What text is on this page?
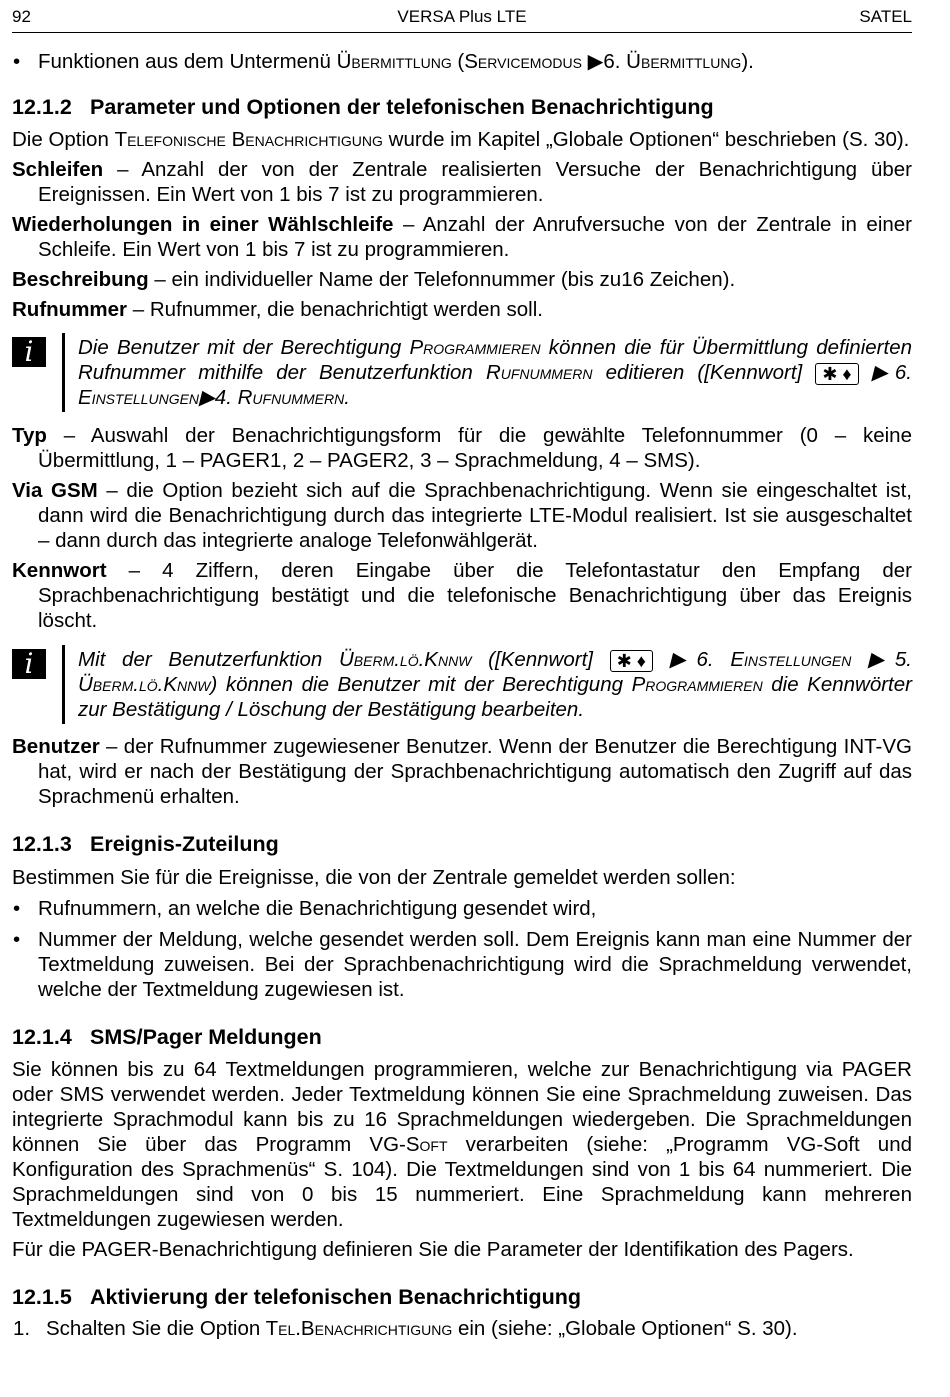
92	VERSA Plus LTE	SATEL

• Funktionen aus dem Untermenü Übermittlung (Servicemodus ▶6. Übermittlung).

12.1.2 Parameter und Optionen der telefonischen Benachrichtigung

Die Option Telefonische Benachrichtigung wurde im Kapitel „Globale Optionen“ beschrieben (S. 30).

Schleifen – Anzahl der von der Zentrale realisierten Versuche der Benachrichtigung über Ereignissen. Ein Wert von 1 bis 7 ist zu programmieren.

Wiederholungen in einer Wählschleife – Anzahl der Anrufversuche von der Zentrale in einer Schleife. Ein Wert von 1 bis 7 ist zu programmieren.

Beschreibung – ein individueller Name der Telefonnummer (bis zu16 Zeichen).

Rufnummer – Rufnummer, die benachrichtigt werden soll.

i	Die Benutzer mit der Berechtigung Programmieren können die für Übermittlung definierten Rufnummer mithilfe der Benutzerfunktion Rufnummern editieren ([Kennwort] ✱ ♦ ▶6. Einstellungen▶4. Rufnummern.

Typ – Auswahl der Benachrichtigungsform für die gewählte Telefonnummer (0 – keine Übermittlung, 1 – PAGER1, 2 – PAGER2, 3 – Sprachmeldung, 4 – SMS).

Via GSM – die Option bezieht sich auf die Sprachbenachrichtigung. Wenn sie eingeschaltet ist, dann wird die Benachrichtigung durch das integrierte LTE-Modul realisiert. Ist sie ausgeschaltet – dann durch das integrierte analoge Telefonwählgerät.

Kennwort – 4 Ziffern, deren Eingabe über die Telefontastatur den Empfang der Sprachbenachrichtigung bestätigt und die telefonische Benachrichtigung über das Ereignis löscht.

i	Mit der Benutzerfunktion Überm.lö.Knnw ([Kennwort] ✱ ♦ ▶6. Einstellungen ▶5. Überm.lö.Knnw) können die Benutzer mit der Berechtigung Programmieren die Kennwörter zur Bestätigung / Löschung der Bestätigung bearbeiten.

Benutzer – der Rufnummer zugewiesener Benutzer. Wenn der Benutzer die Berechtigung INT-VG hat, wird er nach der Bestätigung der Sprachbenachrichtigung automatisch den Zugriff auf das Sprachmenü erhalten.

12.1.3 Ereignis-Zuteilung

Bestimmen Sie für die Ereignisse, die von der Zentrale gemeldet werden sollen:

• Rufnummern, an welche die Benachrichtigung gesendet wird,

• Nummer der Meldung, welche gesendet werden soll. Dem Ereignis kann man eine Nummer der Textmeldung zuweisen. Bei der Sprachbenachrichtigung wird die Sprachmeldung verwendet, welche der Textmeldung zugewiesen ist.

12.1.4 SMS/Pager Meldungen

Sie können bis zu 64 Textmeldungen programmieren, welche zur Benachrichtigung via PAGER oder SMS verwendet werden. Jeder Textmeldung können Sie eine Sprachmeldung zuweisen. Das integrierte Sprachmodul kann bis zu 16 Sprachmeldungen wiedergeben. Die Sprachmeldungen können Sie über das Programm VG-Soft verarbeiten (siehe: „Programm VG-Soft und Konfiguration des Sprachmenüs“ S. 104). Die Textmeldungen sind von 1 bis 64 nummeriert. Die Sprachmeldungen sind von 0 bis 15 nummeriert. Eine Sprachmeldung kann mehreren Textmeldungen zugewiesen werden.

Für die PAGER-Benachrichtigung definieren Sie die Parameter der Identifikation des Pagers.

12.1.5 Aktivierung der telefonischen Benachrichtigung

1. Schalten Sie die Option Tel.Benachrichtigung ein (siehe: „Globale Optionen“ S. 30).
